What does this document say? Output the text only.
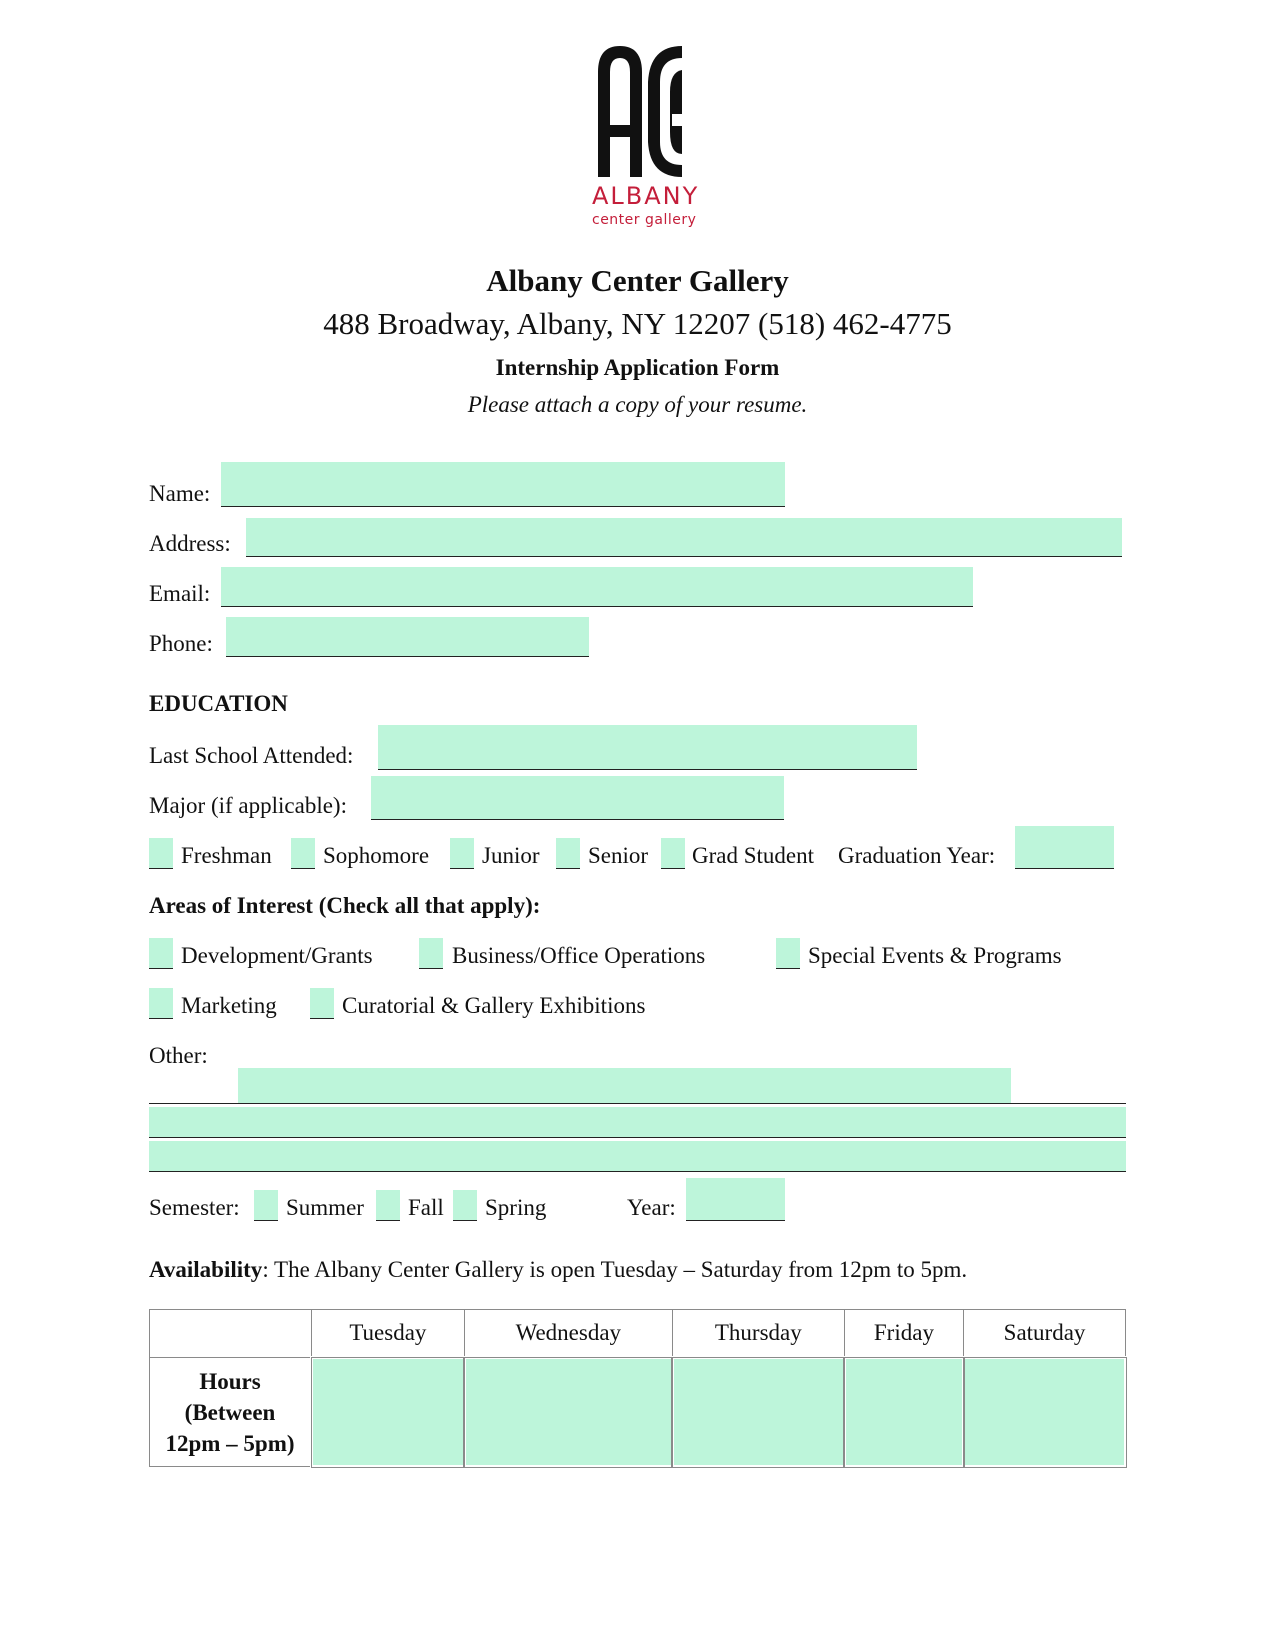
ALBANY
center gallery
Albany Center Gallery
488 Broadway, Albany, NY 12207 (518) 462-4775
Internship Application Form
Please attach a copy of your resume.
Name:
Address:
Email:
Phone:
EDUCATION
Last School Attended:
Major (if applicable):
Freshman Sophomore Junior Senior Grad Student Graduation Year:
Areas of Interest (Check all that apply):
Development/Grants	Business/Office Operations	Special Events & Programs
Marketing	Curatorial & Gallery Exhibitions
Other:
Semester: Summer Fall Spring	Year:
Availability: The Albany Center Gallery is open Tuesday – Saturday from 12pm to 5pm.
	Tuesday	Wednesday	Thursday	Friday	Saturday

Hours
(Between
12pm – 5pm)					
